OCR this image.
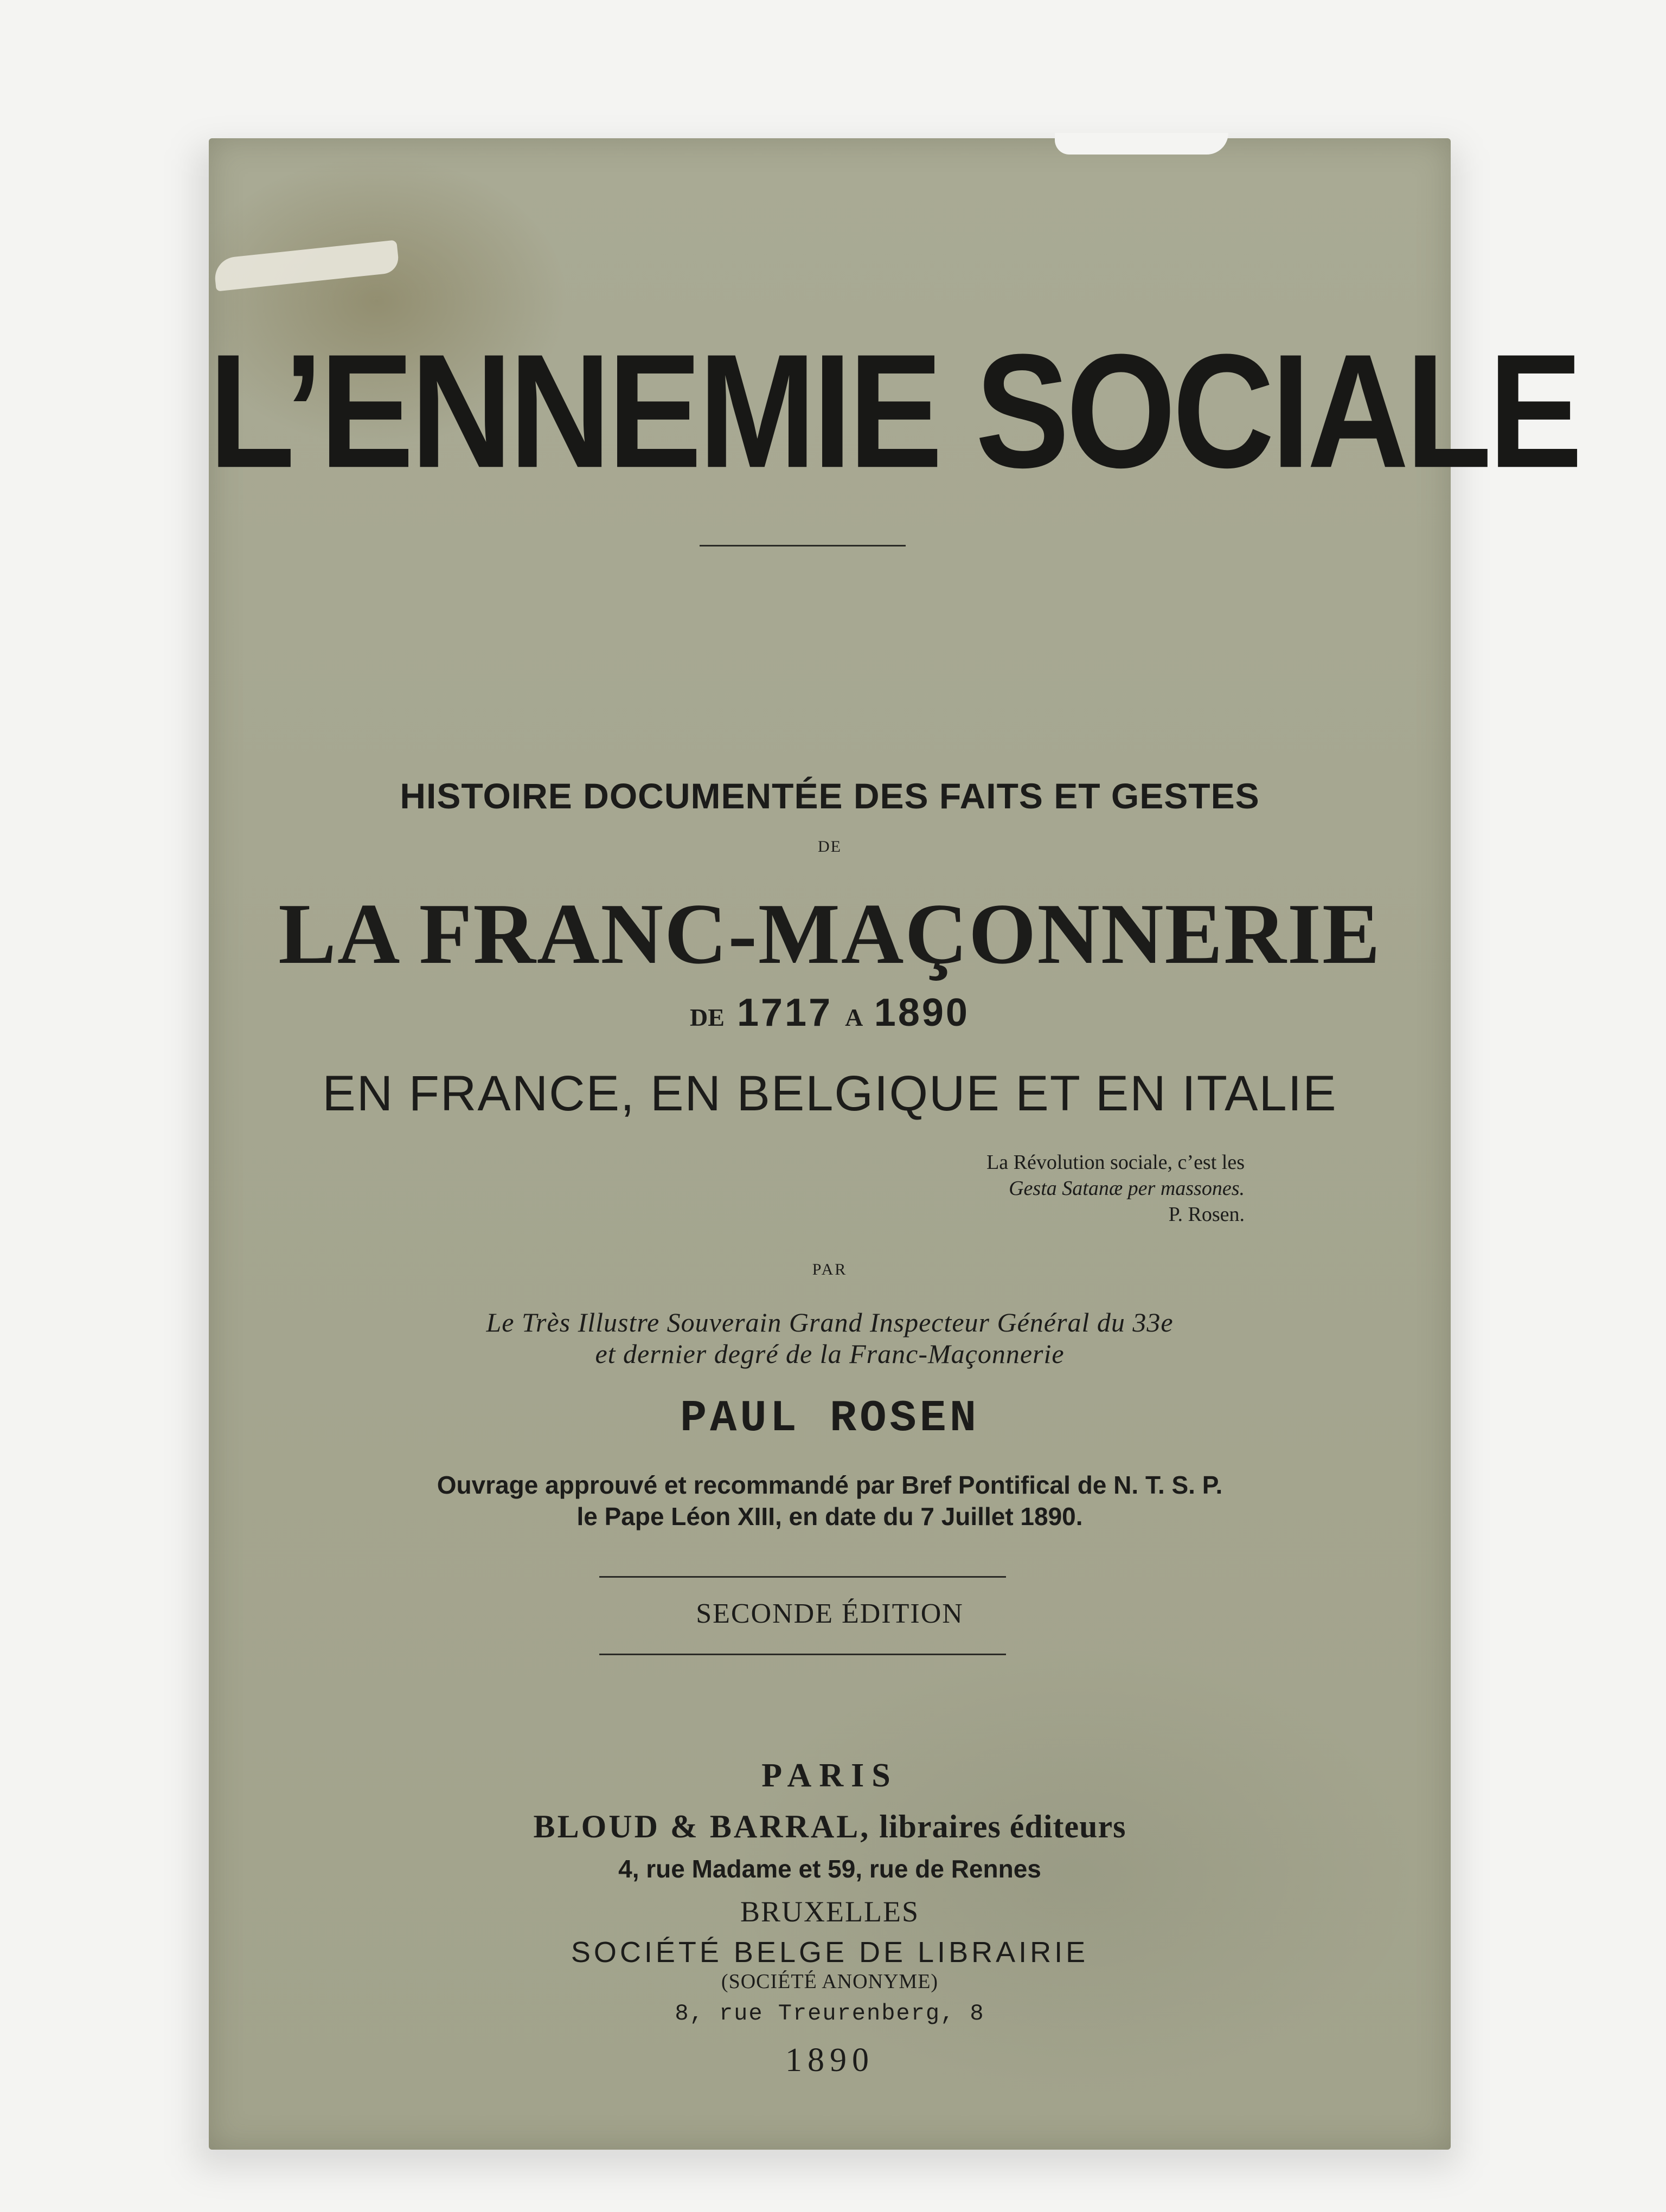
L’ENNEMIE SOCIALE
HISTOIRE DOCUMENTÉE DES FAITS ET GESTES
DE
LA FRANC-MAÇONNERIE
DE 1717 A 1890
EN FRANCE, EN BELGIQUE ET EN ITALIE
La Révolution sociale, c’est les
Gesta Satanæ per massones.
P. Rosen.
PAR
Le Très Illustre Souverain Grand Inspecteur Général du 33e
et dernier degré de la Franc-Maçonnerie
PAUL ROSEN
Ouvrage approuvé et recommandé par Bref Pontifical de N. T. S. P.
le Pape Léon XIII, en date du 7 Juillet 1890.
SECONDE ÉDITION
PARIS
BLOUD & BARRAL, libraires éditeurs
4, rue Madame et 59, rue de Rennes
BRUXELLES
SOCIÉTÉ BELGE DE LIBRAIRIE
(SOCIÉTÉ ANONYME)
8, rue Treurenberg, 8
1890
